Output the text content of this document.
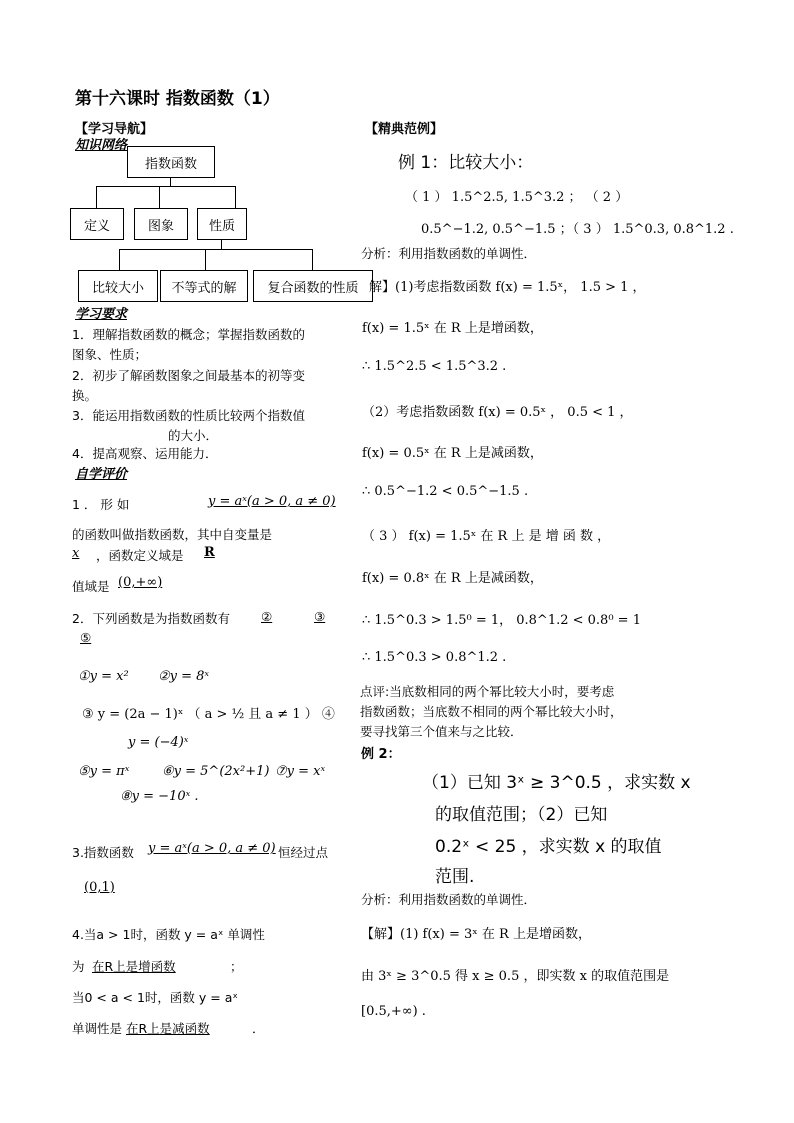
第十六课时 指数函数（1）
【学习导航】
知识网络
指数函数
定义	图象	性质
比较大小	不等式的解	复合函数的性质
学习要求
1．理解指数函数的概念；掌握指数函数的
图象、性质；
2．初步了解函数图象之间最基本的初等变
换。
3．能运用指数函数的性质比较两个指数值
的大小．
4．提高观察、运用能力．
自学评价
1 ． 形 如	y = aˣ(a > 0, a ≠ 0)
的函数叫做指数函数，其中自变量是
x	，函数定义域是	R
值域是 (0,+∞)
2．下列函数是为指数函数有	②	③
⑤
①y = x² ②y = 8ˣ
③ y = (2a − 1)ˣ （ a > ½ 且 a ≠ 1 ） ④
y = (−4)ˣ
⑤y = πˣ	⑥y = 5^(2x²+1) ⑦y = xˣ
⑧y = −10ˣ .
3.指数函数 y = aˣ(a > 0, a ≠ 0) 恒经过点
(0,1)
4.当a > 1时，函数 y = aˣ 单调性
为 在R上是增函数	；
当0 < a < 1时，函数 y = aˣ
单调性是 在R上是减函数	．
【精典范例】
例 1：比较大小：
（ 1 ） 1.5^2.5, 1.5^3.2 ； （ 2 ）
0.5^−1.2, 0.5^−1.5 ；（ 3 ） 1.5^0.3, 0.8^1.2 .
分析：利用指数函数的单调性．
解】(1)考虑指数函数 f(x) = 1.5ˣ， 1.5 > 1 ，
f(x) = 1.5ˣ 在 R 上是增函数，
∴ 1.5^2.5 < 1.5^3.2 .
（2）考虑指数函数 f(x) = 0.5ˣ ， 0.5 < 1 ，
f(x) = 0.5ˣ 在 R 上是减函数，
∴ 0.5^−1.2 < 0.5^−1.5 .
（ 3 ） f(x) = 1.5ˣ 在 R 上 是 增 函 数 ，
f(x) = 0.8ˣ 在 R 上是减函数，
∴ 1.5^0.3 > 1.5⁰ = 1， 0.8^1.2 < 0.8⁰ = 1
∴ 1.5^0.3 > 0.8^1.2 .
点评:当底数相同的两个幂比较大小时，要考虑
指数函数；当底数不相同的两个幂比较大小时，
要寻找第三个值来与之比较．
例 2：
（1）已知 3ˣ ≥ 3^0.5 ，求实数 x
的取值范围；（2）已知
0.2ˣ < 25 ，求实数 x 的取值
范围.
分析：利用指数函数的单调性．
【解】(1) f(x) = 3ˣ 在 R 上是增函数，
由 3ˣ ≥ 3^0.5 得 x ≥ 0.5 ，即实数 x 的取值范围是
[0.5,+∞) .
